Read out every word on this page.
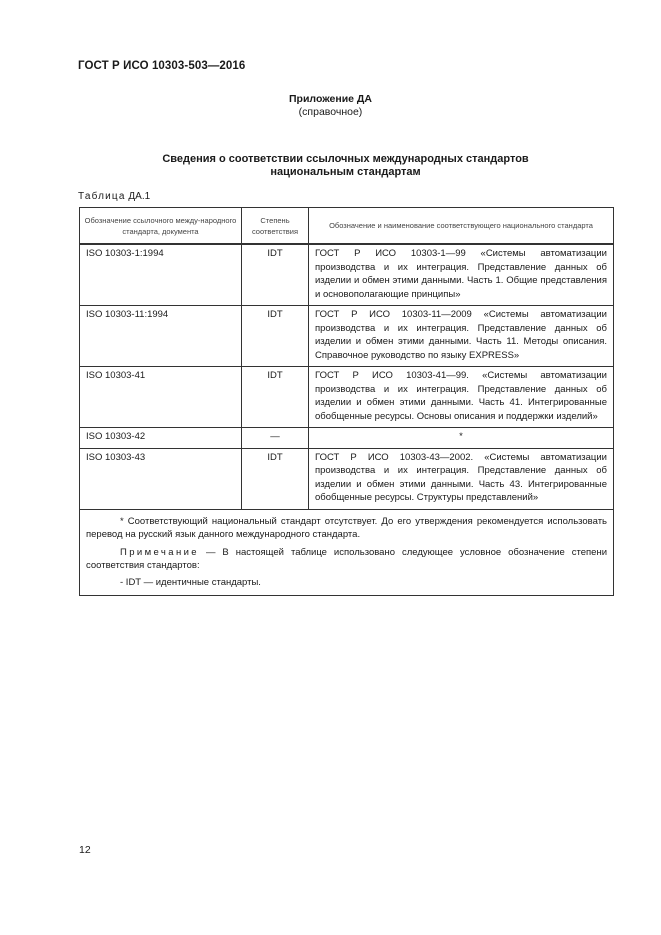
ГОСТ Р ИСО 10303-503—2016
Приложение ДА
(справочное)
Сведения о соответствии ссылочных международных стандартов
национальным стандартам
Таблица ДА.1
Обозначение ссылочного междy-народного стандарта, документа	Степень соответствия	Обозначение и наименование соответствующего национального стандарта

ISO 10303-1:1994	IDT	ГОСТ Р ИСО 10303-1—99 «Системы автоматизации производства и их интеграция. Представление данных об изделии и обмен этими данными. Часть 1. Общие представления и основополагающие принципы»
ISO 10303-11:1994	IDT	ГОСТ Р ИСО 10303-11—2009 «Системы автоматизации производства и их интеграция. Представление данных об изделии и обмен этими данными. Часть 11. Методы описания. Справочное руководство по языку EXPRESS»
ISO 10303-41	IDT	ГОСТ Р ИСО 10303-41—99. «Системы автоматизации производства и их интеграция. Представление данных об изделии и обмен этими данными. Часть 41. Интегрированные обобщенные ресурсы. Основы описания и поддержки изделий»
ISO 10303-42	—	*
ISO 10303-43	IDT	ГОСТ Р ИСО 10303-43—2002. «Системы автоматизации производства и их интеграция. Представление данных об изделии и обмен этими данными. Часть 43. Интегрированные обобщенные ресурсы. Структуры представлений»

* Соответствующий национальный стандарт отсутствует. До его утверждения рекомендуется использовать перевод на русский язык данного международного стандарта.
Примечание — В настоящей таблице использовано следующее условное обозначение степени соответствия стандартов:
- IDT — идентичные стандарты.		
12
